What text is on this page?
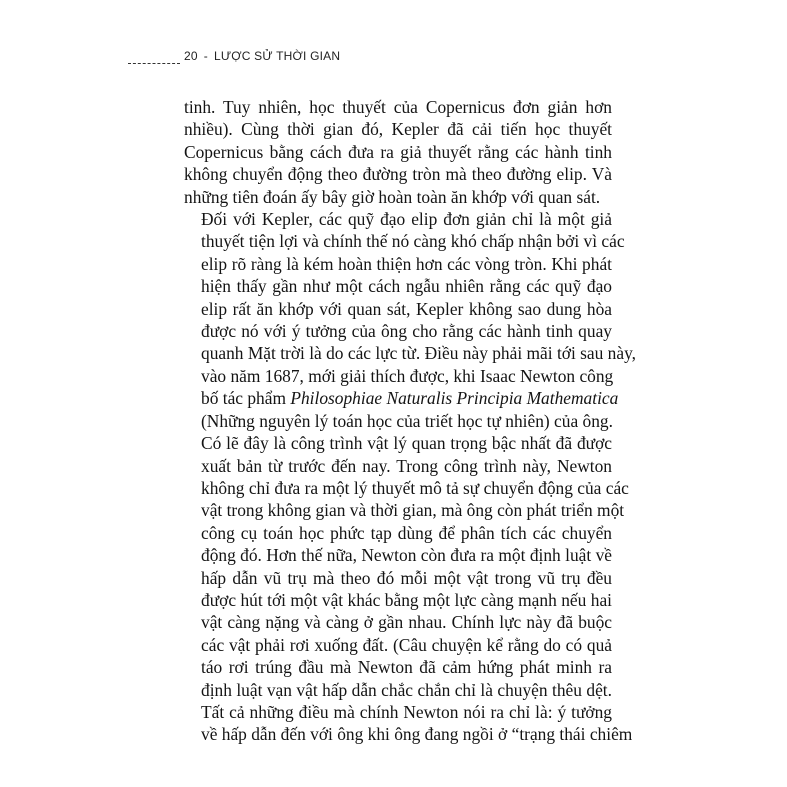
20 - LƯỢC SỬ THỜI GIAN

tinh. Tuy nhiên, học thuyết của Copernicus đơn giản hơn
nhiều). Cùng thời gian đó, Kepler đã cải tiến học thuyết
Copernicus bằng cách đưa ra giả thuyết rằng các hành tinh
không chuyển động theo đường tròn mà theo đường elip. Và
những tiên đoán ấy bây giờ hoàn toàn ăn khớp với quan sát.

Đối với Kepler, các quỹ đạo elip đơn giản chỉ là một giả
thuyết tiện lợi và chính thế nó càng khó chấp nhận bởi vì các
elip rõ ràng là kém hoàn thiện hơn các vòng tròn. Khi phát
hiện thấy gần như một cách ngẫu nhiên rằng các quỹ đạo
elip rất ăn khớp với quan sát, Kepler không sao dung hòa
được nó với ý tưởng của ông cho rằng các hành tinh quay
quanh Mặt trời là do các lực từ. Điều này phải mãi tới sau này,
vào năm 1687, mới giải thích được, khi Isaac Newton công
bố tác phẩm Philosophiae Naturalis Principia Mathematica
(Những nguyên lý toán học của triết học tự nhiên) của ông.
Có lẽ đây là công trình vật lý quan trọng bậc nhất đã được
xuất bản từ trước đến nay. Trong công trình này, Newton
không chỉ đưa ra một lý thuyết mô tả sự chuyển động của các
vật trong không gian và thời gian, mà ông còn phát triển một
công cụ toán học phức tạp dùng để phân tích các chuyển
động đó. Hơn thế nữa, Newton còn đưa ra một định luật về
hấp dẫn vũ trụ mà theo đó mỗi một vật trong vũ trụ đều
được hút tới một vật khác bằng một lực càng mạnh nếu hai
vật càng nặng và càng ở gần nhau. Chính lực này đã buộc
các vật phải rơi xuống đất. (Câu chuyện kể rằng do có quả
táo rơi trúng đầu mà Newton đã cảm hứng phát minh ra
định luật vạn vật hấp dẫn chắc chắn chỉ là chuyện thêu dệt.
Tất cả những điều mà chính Newton nói ra chỉ là: ý tưởng
về hấp dẫn đến với ông khi ông đang ngồi ở “trạng thái chiêm
